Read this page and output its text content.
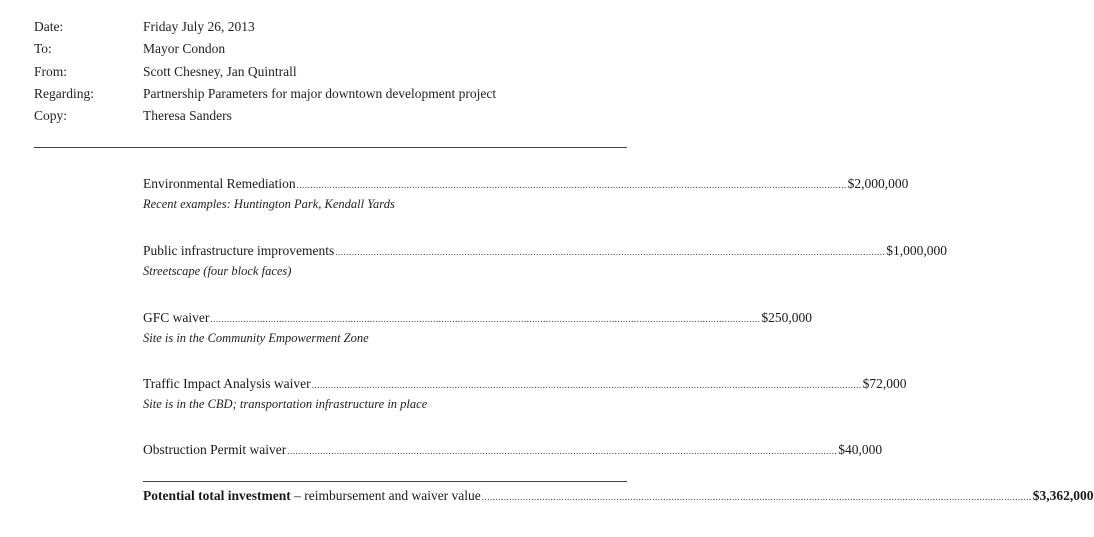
Date:	Friday July 26, 2013
To:	Mayor Condon
From:	Scott Chesney, Jan Quintrall
Regarding:	Partnership Parameters for major downtown development project
Copy:	Theresa Sanders
Environmental Remediation ........................................................................................................................................................................................................ $2,000,000
Recent examples: Huntington Park, Kendall Yards
Public infrastructure improvements ........................................................................................................................................................................................................ $1,000,000
Streetscape (four block faces)
GFC waiver ........................................................................................................................................................................................................ $250,000
Site is in the Community Empowerment Zone
Traffic Impact Analysis waiver ........................................................................................................................................................................................................ $72,000
Site is in the CBD; transportation infrastructure in place
Obstruction Permit waiver ........................................................................................................................................................................................................ $40,000
Potential total investment – reimbursement and waiver value ........................................................................................................................................................................................................ $3,362,000
